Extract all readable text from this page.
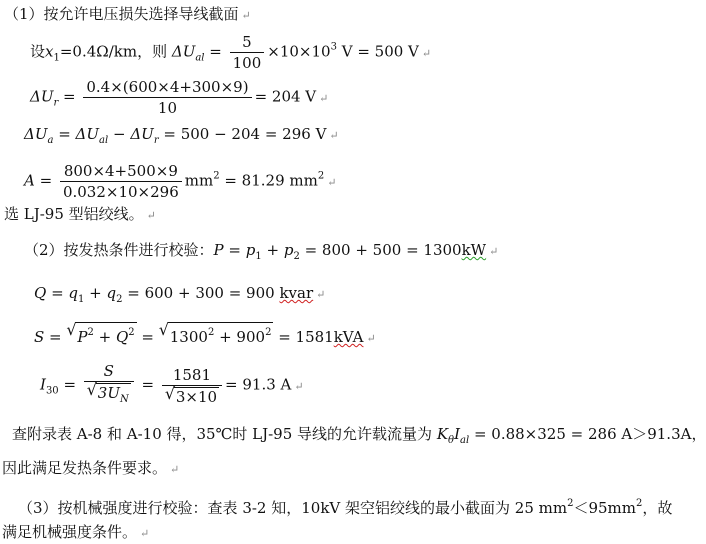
（1）按允许电压损失选择导线截面 ↵
设$x_1=0.4\Omega/km$，则 $\Delta U_{al} = \frac{5}{100} \times 10\times 10^3$ V = 500 V ↵
$\Delta U_r = \frac{0.4\times(600\times 4+300\times 9)}{10} = 204$ V ↵
$\Delta U_a = \Delta U_{al} - \Delta U_r = 500 - 204 = 296$ V ↵
$A = \frac{800\times 4+500\times 9}{0.032\times 10\times 296} mm^2 = 81.29$ $mm^2$ ↵
选 LJ-95 型铝绞线。 ↵
（2）按发热条件进行校验：$P = p_1 + p_2 = 800 + 500 = 1300kW$ ↵
$Q = q_1 + q_2 = 600 + 300 = 900$ kvar ↵
S = √ $P^2 + Q^2$ = √ $1300^2 + 900^2 = 1581kVA$ ↵
$I_{30} = S$
√ $3U_N = 1581$
√ 3×10 = 91.3 A ↵
查附录表 A-8 和 A-10 得，35℃时 LJ-95 导线的允许载流量为 $K_\theta I_{al} = 0.88\times 325 = 286$ A＞91.3A，
因此满足发热条件要求。 ↵
（3）按机械强度进行校验：查表 3-2 知，10kV 架空铝绞线的最小截面为 25 $mm^2<95mm^2$，故
满足机械强度条件。 ↵
